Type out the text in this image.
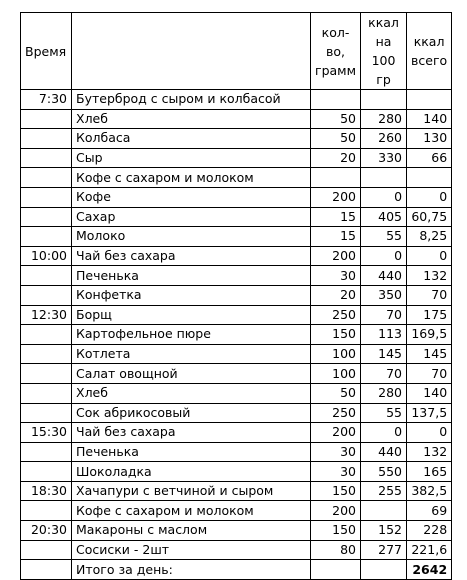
Время		кол-во, грамм	ккал на 100 гр	ккал всего
7:30	Бутерброд с сыром и колбасой			
	Хлеб	50	280	140
	Колбаса	50	260	130
	Сыр	20	330	66
	Кофе с сахаром и молоком			
	Кофе	200	0	0
	Сахар	15	405	60,75
	Молоко	15	55	8,25
10:00	Чай без сахара	200	0	0
	Печенька	30	440	132
	Конфетка	20	350	70
12:30	Борщ	250	70	175
	Картофельное пюре	150	113	169,5
	Котлета	100	145	145
	Салат овощной	100	70	70
	Хлеб	50	280	140
	Сок абрикосовый	250	55	137,5
15:30	Чай без сахара	200	0	0
	Печенька	30	440	132
	Шоколадка	30	550	165
18:30	Хачапури с ветчиной и сыром	150	255	382,5
	Кофе с сахаром и молоком	200		69
20:30	Макароны с маслом	150	152	228
	Сосиски - 2шт	80	277	221,6
	Итого за день:			2642
